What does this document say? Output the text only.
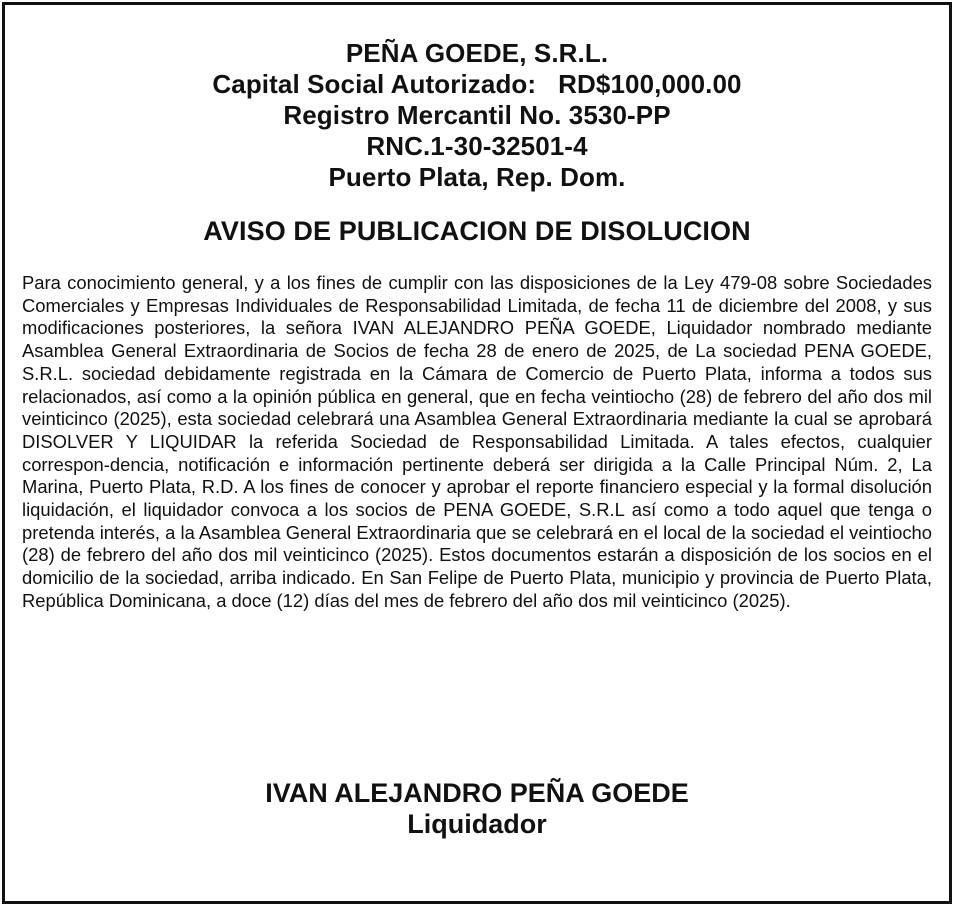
PEÑA GOEDE, S.R.L.
Capital Social Autorizado:   RD$100,000.00
Registro Mercantil No. 3530-PP
RNC.1-30-32501-4
Puerto Plata, Rep. Dom.
AVISO DE PUBLICACION DE DISOLUCION

Para conocimiento general, y a los fines de cumplir con las disposiciones de la Ley 479-08 sobre Sociedades Comerciales y Empresas Individuales de Responsabilidad Limitada, de fecha 11 de diciembre del 2008, y sus modificaciones posteriores, la señora IVAN ALEJANDRO PEÑA GOEDE, Liquidador nombrado mediante Asamblea General Extraordinaria de Socios de fecha 28 de enero de 2025, de La sociedad PENA GOEDE, S.R.L. sociedad debidamente registrada en la Cámara de Comercio de Puerto Plata, informa a todos sus relacionados, así como a la opinión pública en general, que en fecha veintiocho (28) de febrero del año dos mil veinticinco (2025), esta sociedad celebrará una Asamblea General Extraordinaria mediante la cual se aprobará DISOLVER Y LIQUIDAR la referida Sociedad de Responsabilidad Limitada. A tales efectos, cualquier correspon-dencia, notificación e información pertinente deberá ser dirigida a la Calle Principal Núm. 2, La Marina, Puerto Plata, R.D. A los fines de conocer y aprobar el reporte financiero especial y la formal disolución liquidación, el liquidador convoca a los socios de PENA GOEDE, S.R.L así como a todo aquel que tenga o pretenda interés, a la Asamblea General Extraordinaria que se celebrará en el local de la sociedad el veintiocho (28) de febrero del año dos mil veinticinco (2025). Estos documentos estarán a disposición de los socios en el domicilio de la sociedad, arriba indicado. En San Felipe de Puerto Plata, municipio y provincia de Puerto Plata, República Dominicana, a doce (12) días del mes de febrero del año dos mil veinticinco (2025).

IVAN ALEJANDRO PEÑA GOEDE
Liquidador
